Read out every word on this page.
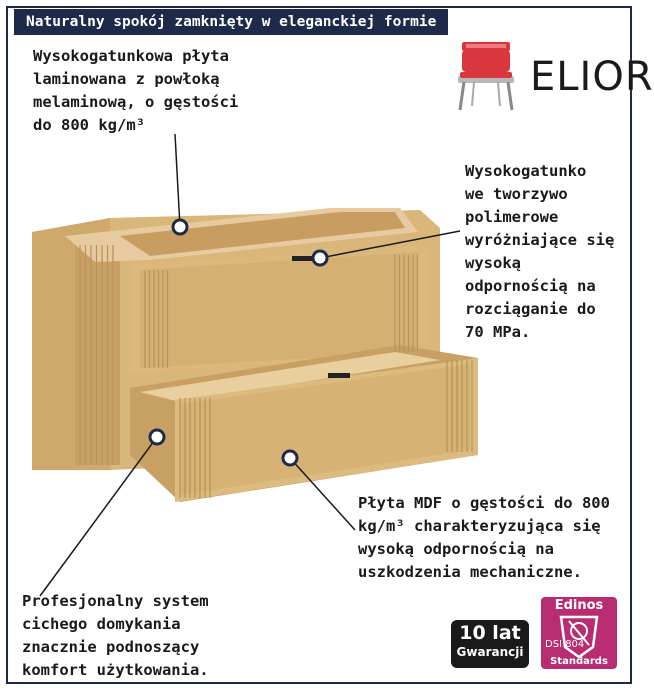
Naturalny spokój zamknięty w eleganckiej formie
ELIOR
Wysokogatunkowa płyta
laminowana z powłoką
melaminową, o gęstości
do 800 kg/m³
Wysokogatunko
we tworzywo
polimerowe
wyróżniające się
wysoką
odpornością na
rozciąganie do
70 MPa.
Płyta MDF o gęstości do 800
kg/m³ charakteryzująca się
wysoką odpornością na
uszkodzenia mechaniczne.
Profesjonalny system
cichego domykania
znacznie podnoszący
komfort użytkowania.
10 lat
Gwarancji
Edinos
DSI 804
Standards
